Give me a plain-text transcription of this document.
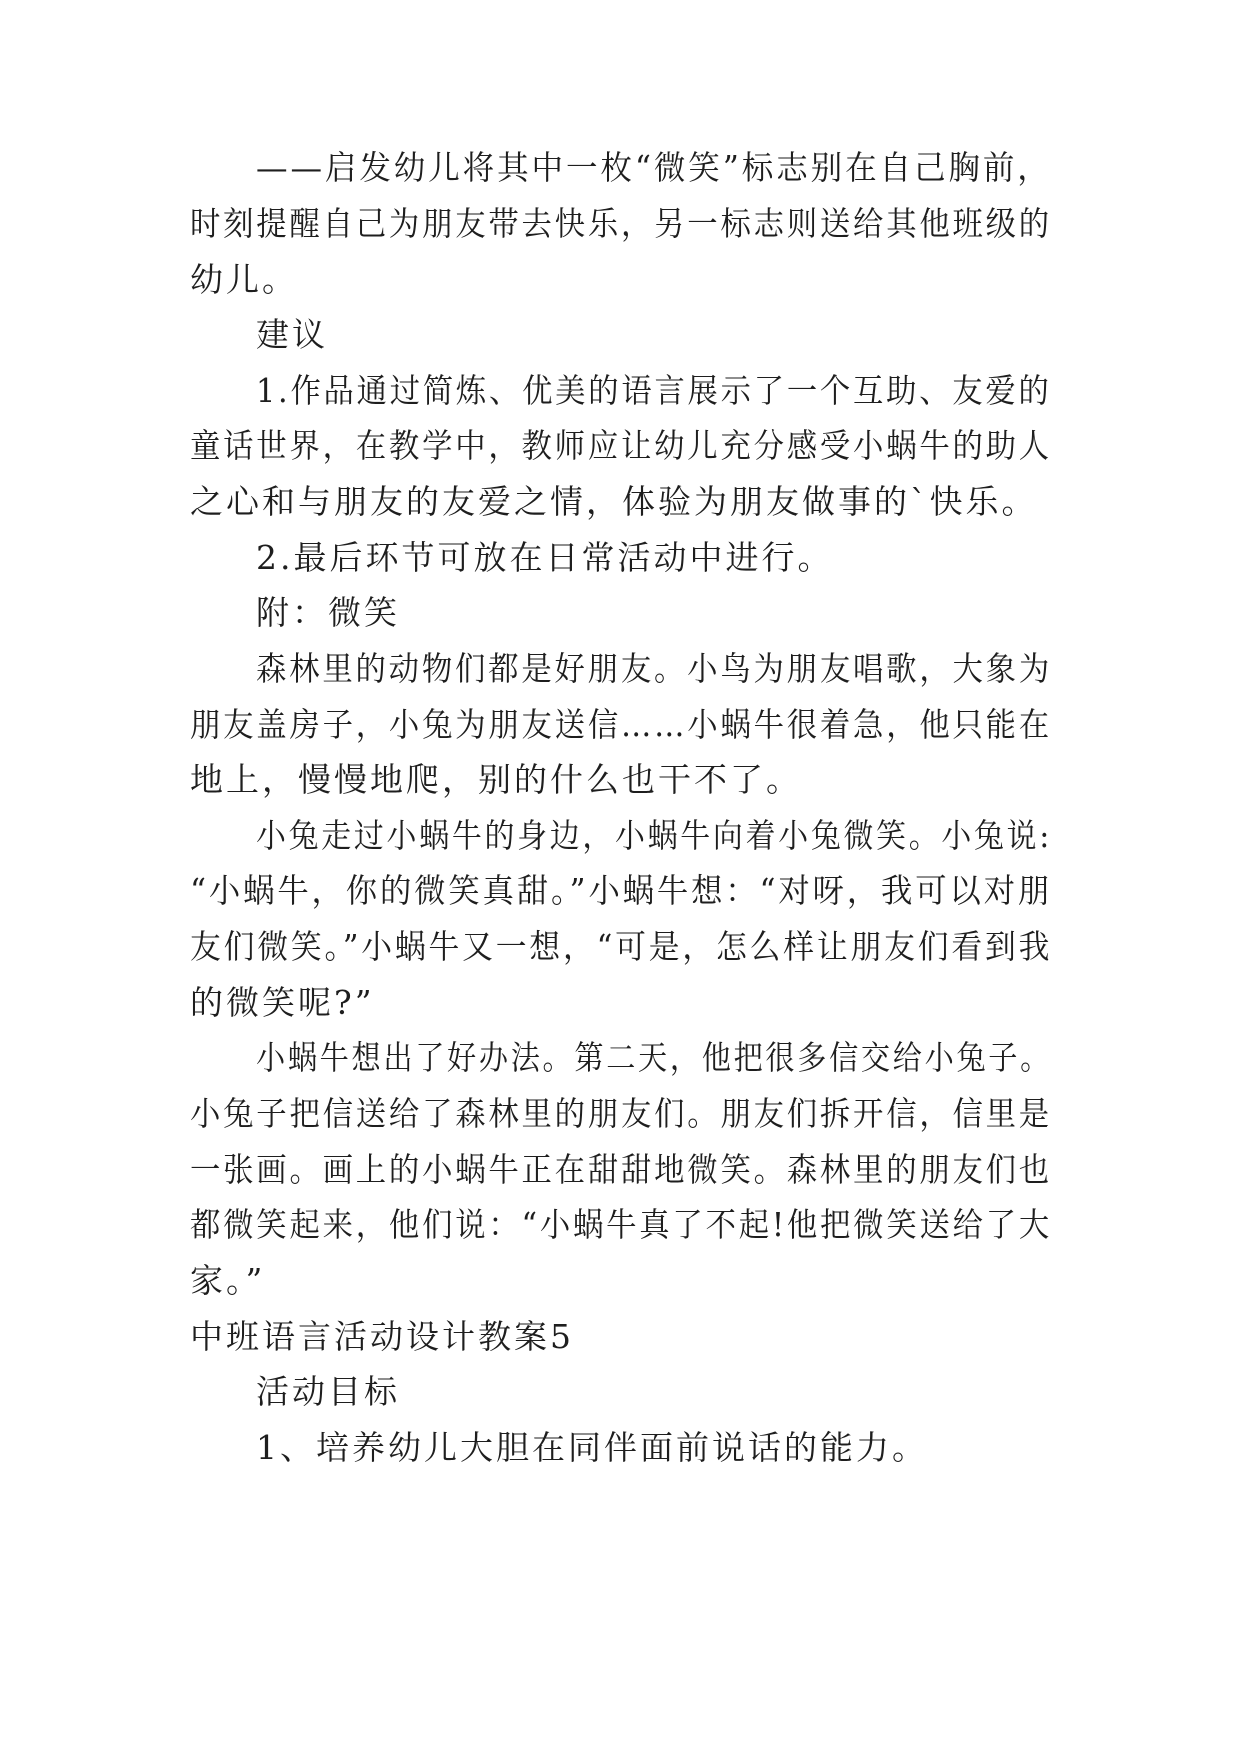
——启发幼儿将其中一枚“微笑”标志别在自己胸前，

时刻提醒自己为朋友带去快乐，另一标志则送给其他班级的

幼儿。

建议

1.作品通过简炼、优美的语言展示了一个互助、友爱的

童话世界，在教学中，教师应让幼儿充分感受小蜗牛的助人

之心和与朋友的友爱之情，体验为朋友做事的`快乐。

2.最后环节可放在日常活动中进行。

附：微笑

森林里的动物们都是好朋友。小鸟为朋友唱歌，大象为

朋友盖房子，小兔为朋友送信……小蜗牛很着急，他只能在

地上，慢慢地爬，别的什么也干不了。

小兔走过小蜗牛的身边，小蜗牛向着小兔微笑。小兔说:

“小蜗牛，你的微笑真甜。”小蜗牛想：“对呀，我可以对朋

友们微笑。”小蜗牛又一想，“可是，怎么样让朋友们看到我

的微笑呢?”

小蜗牛想出了好办法。第二天，他把很多信交给小兔子。

小兔子把信送给了森林里的朋友们。朋友们拆开信，信里是

一张画。画上的小蜗牛正在甜甜地微笑。森林里的朋友们也

都微笑起来，他们说：“小蜗牛真了不起!他把微笑送给了大

家。”

中班语言活动设计教案5

活动目标

1、培养幼儿大胆在同伴面前说话的能力。
